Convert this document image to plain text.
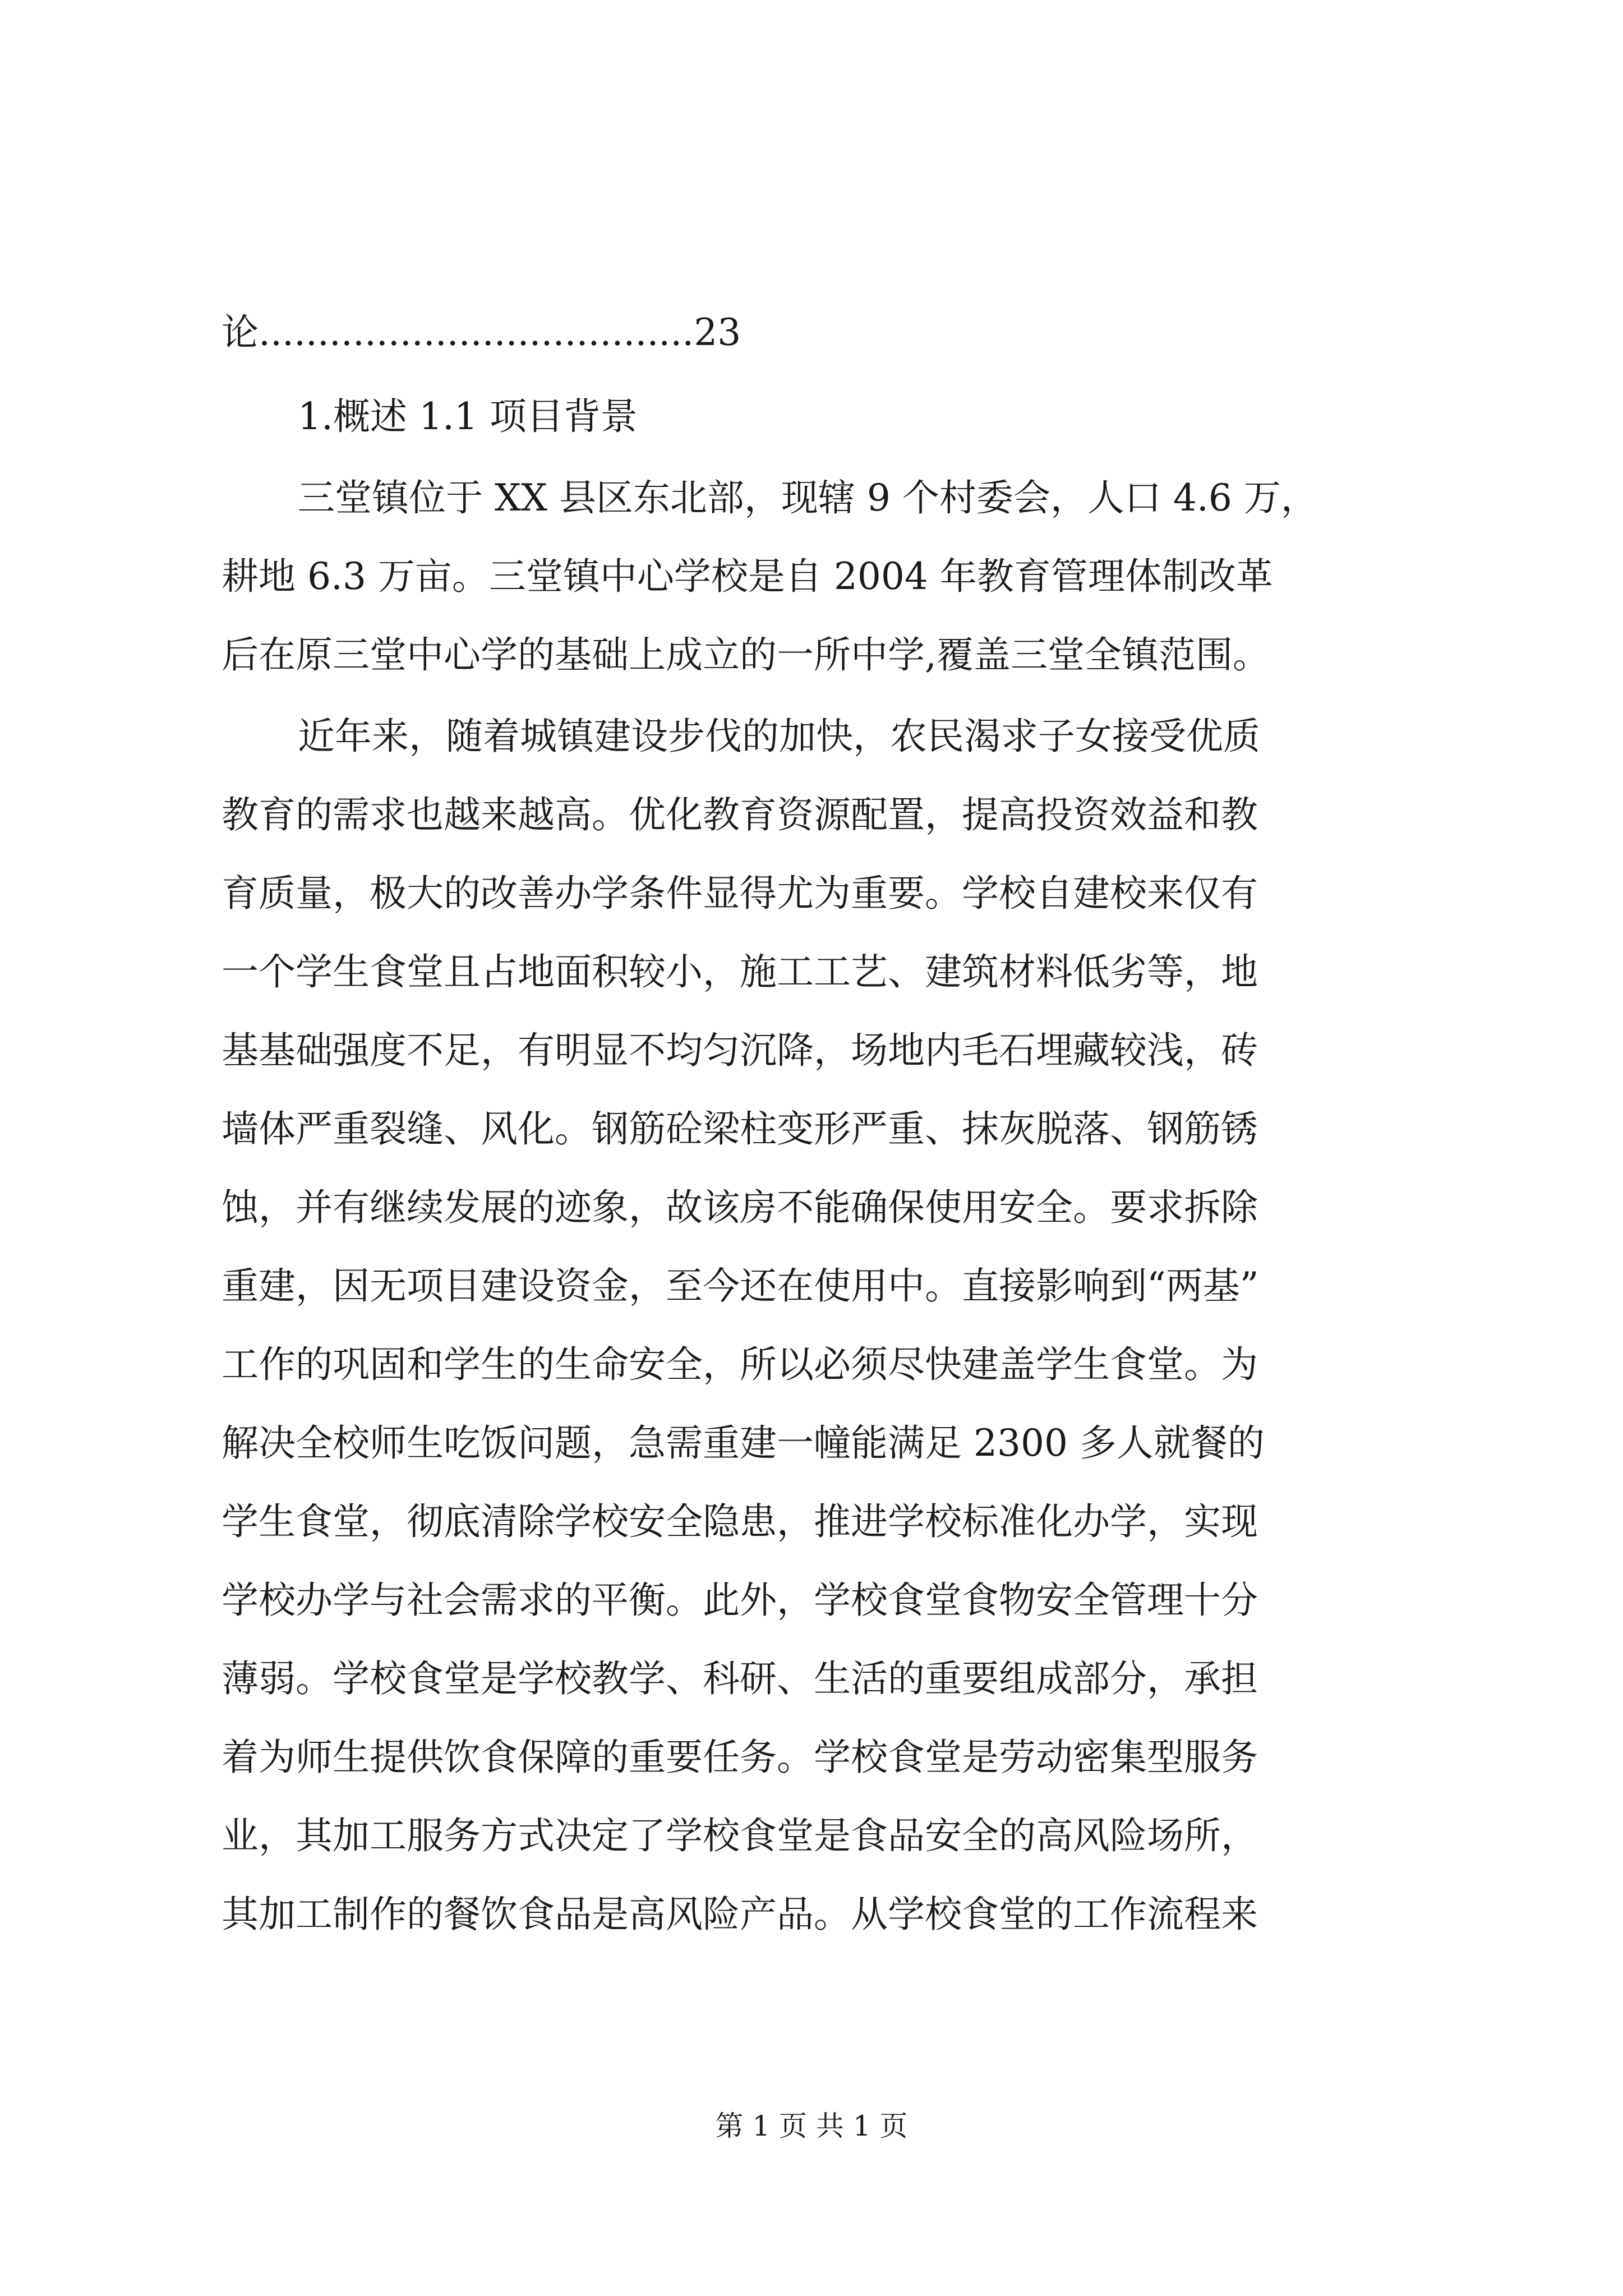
论.....................................23
1.概述 1.1 项目背景
三堂镇位于 XX 县区东北部，现辖 9 个村委会，人口 4.6 万，
耕地 6.3 万亩。三堂镇中心学校是自 2004 年教育管理体制改革
后在原三堂中心学的基础上成立的一所中学,覆盖三堂全镇范围。
近年来，随着城镇建设步伐的加快，农民渴求子女接受优质
教育的需求也越来越高。优化教育资源配置，提高投资效益和教
育质量，极大的改善办学条件显得尤为重要。学校自建校来仅有
一个学生食堂且占地面积较小，施工工艺、建筑材料低劣等，地
基基础强度不足，有明显不均匀沉降，场地内毛石埋藏较浅，砖
墙体严重裂缝、风化。钢筋砼梁柱变形严重、抹灰脱落、钢筋锈
蚀，并有继续发展的迹象，故该房不能确保使用安全。要求拆除
重建，因无项目建设资金，至今还在使用中。直接影响到“两基”
工作的巩固和学生的生命安全，所以必须尽快建盖学生食堂。为
解决全校师生吃饭问题，急需重建一幢能满足 2300 多人就餐的
学生食堂，彻底清除学校安全隐患，推进学校标准化办学，实现
学校办学与社会需求的平衡。此外，学校食堂食物安全管理十分
薄弱。学校食堂是学校教学、科研、生活的重要组成部分，承担
着为师生提供饮食保障的重要任务。学校食堂是劳动密集型服务
业，其加工服务方式决定了学校食堂是食品安全的高风险场所，
其加工制作的餐饮食品是高风险产品。从学校食堂的工作流程来
第 1 页 共 1 页
